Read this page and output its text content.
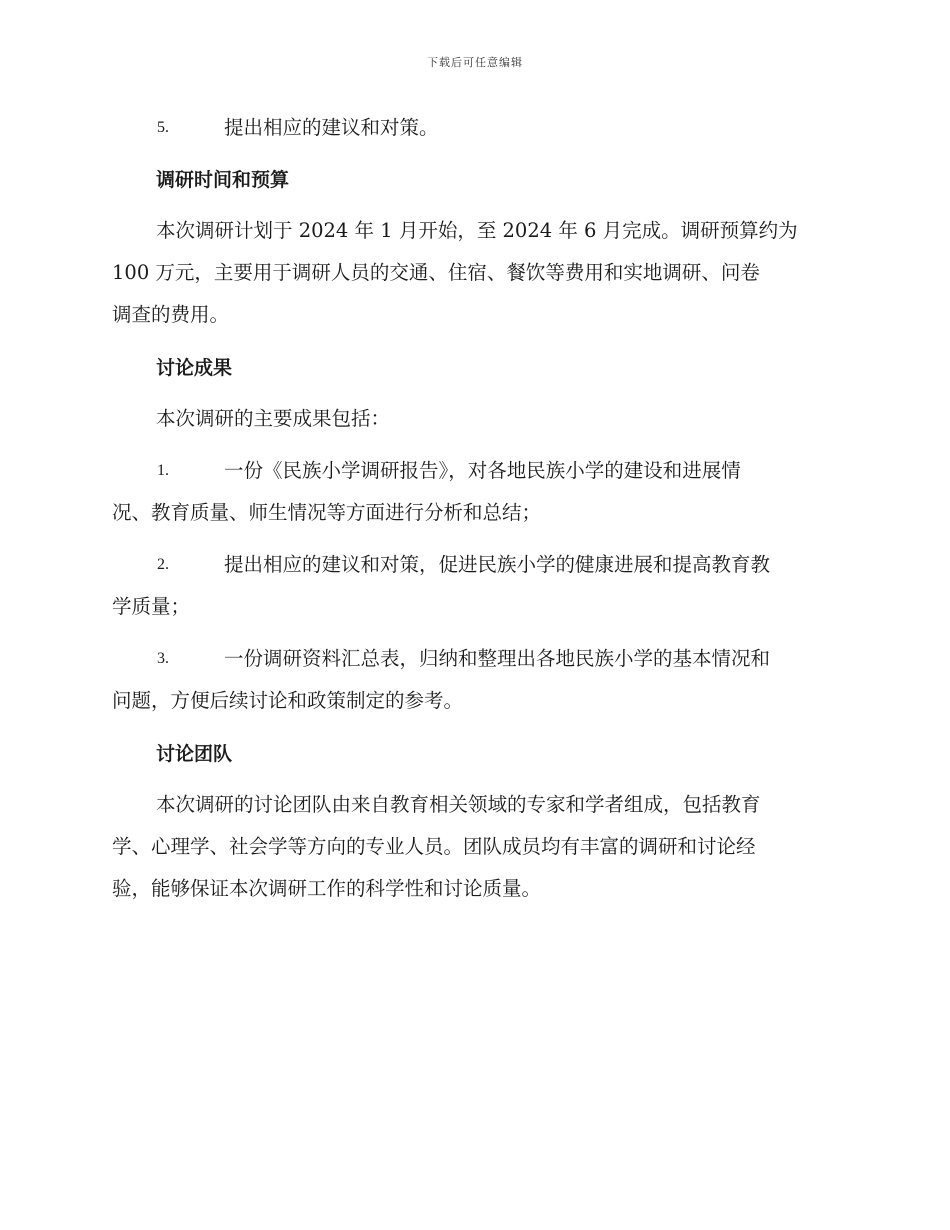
下载后可任意编辑
5.	提出相应的建议和对策。
调研时间和预算
本次调研计划于 2024 年 1 月开始，至 2024 年 6 月完成。调研预算约为
100 万元，主要用于调研人员的交通、住宿、餐饮等费用和实地调研、问卷
调查的费用。
讨论成果
本次调研的主要成果包括：
1.	一份《民族小学调研报告》，对各地民族小学的建设和进展情
况、教育质量、师生情况等方面进行分析和总结；
2.	提出相应的建议和对策，促进民族小学的健康进展和提高教育教
学质量；
3.	一份调研资料汇总表，归纳和整理出各地民族小学的基本情况和
问题，方便后续讨论和政策制定的参考。
讨论团队
本次调研的讨论团队由来自教育相关领域的专家和学者组成，包括教育
学、心理学、社会学等方向的专业人员。团队成员均有丰富的调研和讨论经
验，能够保证本次调研工作的科学性和讨论质量。
